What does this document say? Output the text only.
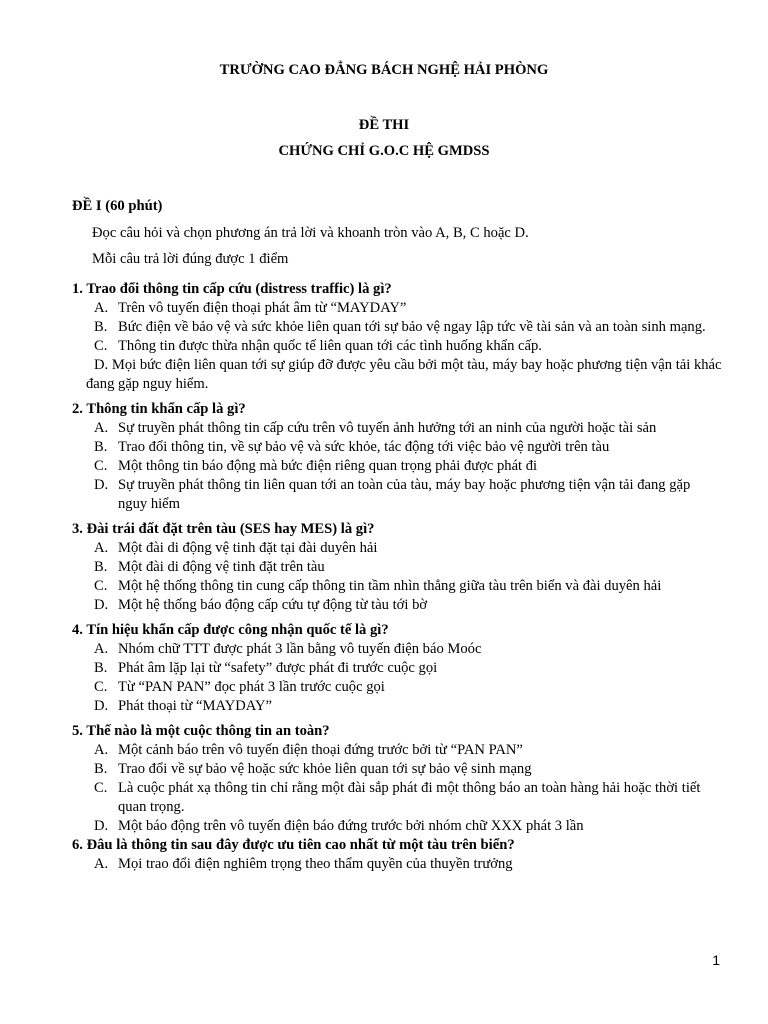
TRƯỜNG CAO ĐẲNG BÁCH NGHỆ HẢI PHÒNG
ĐỀ THI
CHỨNG CHỈ G.O.C HỆ GMDSS
ĐỀ I (60 phút)
Đọc câu hỏi và chọn phương án trả lời và khoanh tròn vào A, B, C hoặc D.
Mỗi câu trả lời đúng được 1 điểm
1. Trao đổi thông tin cấp cứu (distress traffic) là gì?
A. Trên vô tuyến điện thoại phát âm từ “MAYDAY”
B. Bức điện về bảo vệ và sức khỏe liên quan tới sự bảo vệ ngay lập tức về tài sản và an toàn sinh mạng.
C. Thông tin được thừa nhận quốc tế liên quan tới các tình huống khẩn cấp.
D. Mọi bức điện liên quan tới sự giúp đỡ được yêu cầu bởi một tàu, máy bay hoặc phương tiện vận tải khác đang gặp nguy hiểm.
2. Thông tin khẩn cấp là gì?
A. Sự truyền phát thông tin cấp cứu trên vô tuyến ảnh hưởng tới an ninh của người hoặc tài sản
B. Trao đổi thông tin, về sự bảo vệ và sức khỏe, tác động tới việc bảo vệ người trên tàu
C. Một thông tin báo động mà bức điện riêng quan trọng phải được phát đi
D. Sự truyền phát thông tin liên quan tới an toàn của tàu, máy bay hoặc phương tiện vận tải đang gặp nguy hiểm
3. Đài trái đất đặt trên tàu (SES hay MES) là gì?
A. Một đài di động vệ tinh đặt tại đài duyên hải
B. Một đài di động vệ tinh đặt trên tàu
C. Một hệ thống thông tin cung cấp thông tin tầm nhìn thẳng giữa tàu trên biển và đài duyên hải
D. Một hệ thống báo động cấp cứu tự động từ tàu tới bờ
4. Tín hiệu khẩn cấp được công nhận quốc tế là gì?
A. Nhóm chữ TTT được phát 3 lần bằng vô tuyến điện báo Moóc
B. Phát âm lặp lại từ “safety” được phát đi trước cuộc gọi
C. Từ “PAN PAN” đọc phát 3 lần trước cuộc gọi
D. Phát thoại từ “MAYDAY”
5. Thế nào là một cuộc thông tin an toàn?
A. Một cảnh báo trên vô tuyến điện thoại đứng trước bởi từ “PAN PAN”
B. Trao đổi về sự bảo vệ hoặc sức khỏe liên quan tới sự bảo vệ sinh mạng
C. Là cuộc phát xạ thông tin chỉ rằng một đài sắp phát đi một thông báo an toàn hàng hải hoặc thời tiết quan trọng.
D. Một báo động trên vô tuyến điện báo đứng trước bởi nhóm chữ XXX phát 3 lần
6. Đâu là thông tin sau đây được ưu tiên cao nhất từ một tàu trên biển?
A. Mọi trao đổi điện nghiêm trọng theo thẩm quyền của thuyền trưởng
1
